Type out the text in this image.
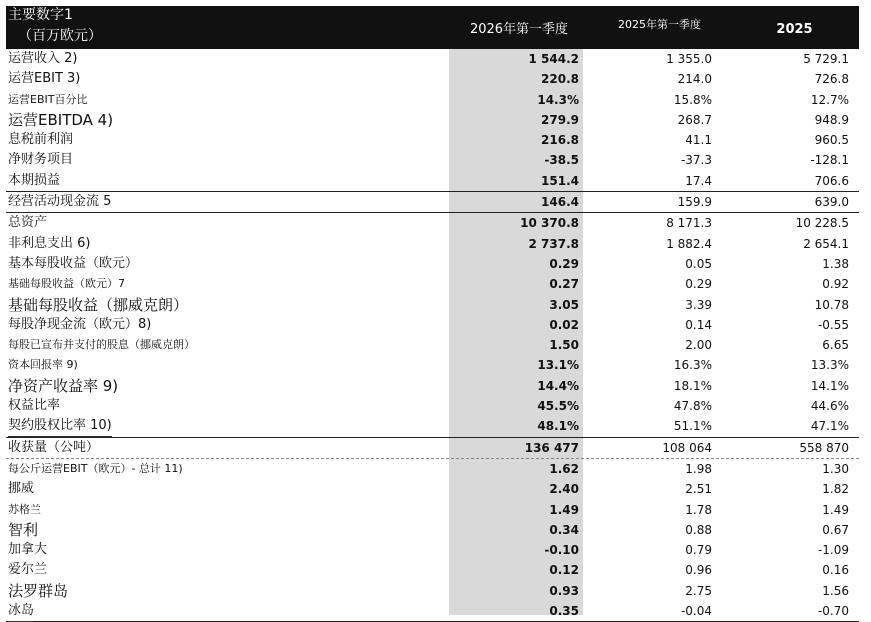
主要数字1
（百万欧元）	2026年第一季度	2025年第一季度	2025
运营收入 2)	1 544.2	1 355.0	5 729.1
运营EBIT 3)	220.8	214.0	726.8
运营EBIT百分比	14.3%	15.8%	12.7%
运营EBITDA 4)	279.9	268.7	948.9
息税前利润	216.8	41.1	960.5
净财务项目	-38.5	-37.3	-128.1
本期损益	151.4	17.4	706.6
经营活动现金流 5	146.4	159.9	639.0
总资产	10 370.8	8 171.3	10 228.5
非利息支出 6)	2 737.8	1 882.4	2 654.1
基本每股收益（欧元）	0.29	0.05	1.38
基础每股收益（欧元）7	0.27	0.29	0.92
基础每股收益（挪威克朗）	3.05	3.39	10.78
每股净现金流（欧元）8)	0.02	0.14	-0.55
每股已宣布并支付的股息（挪威克朗）	1.50	2.00	6.65
资本回报率 9)	13.1%	16.3%	13.3%
净资产收益率 9)	14.4%	18.1%	14.1%
权益比率	45.5%	47.8%	44.6%
契约股权比率 10)	48.1%	51.1%	47.1%
收获量（公吨）	136 477	108 064	558 870
每公斤运营EBIT（欧元）- 总计 11)	1.62	1.98	1.30
挪威	2.40	2.51	1.82
苏格兰	1.49	1.78	1.49
智利	0.34	0.88	0.67
加拿大	-0.10	0.79	-1.09
爱尔兰	0.12	0.96	0.16
法罗群岛	0.93	2.75	1.56
冰岛	0.35	-0.04	-0.70
